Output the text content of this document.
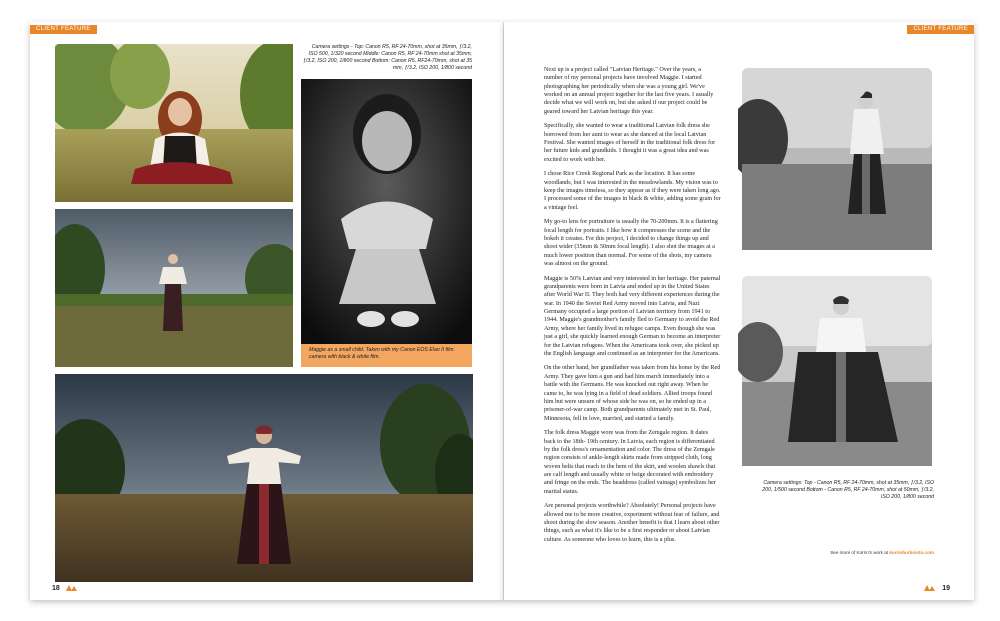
CLIENT FEATURE
Camera settings - Top: Canon R5, RF 24-70mm, shot at 35mm, ƒ/3.2, ISO 500, 1/320 second Middle: Canon R5, RF 24-70mm shot at 35mm, ƒ/3.2, ISO 200, 1/800 second Bottom: Canon R5, RF24-70mm, shot at 35 mm, ƒ/3.2, ISO 200, 1/800 second
Maggie as a small child. Taken with my Canon EOS Elan II film camera with black & white film.
18
CLIENT FEATURE

Next up is a project called "Latvian Heritage." Over the years, a number of my personal projects have involved Maggie. I started photographing her periodically when she was a young girl. We've worked on an annual project together for the last five years. I usually decide what we will work on, but she asked if our project could be geared toward her Latvian heritage this year.

Specifically, she wanted to wear a traditional Latvian folk dress she borrowed from her aunt to wear as she danced at the local Latvian Festival. She wanted images of herself in the traditional folk dress for her future kids and grandkids. I thought it was a great idea and was excited to work with her.

I chose Rice Creek Regional Park as the location. It has some woodlands, but I was interested in the meadowlands. My vision was to keep the images timeless, so they appear as if they were taken long ago. I processed some of the images in black & white, adding some grain for a vintage feel.

My go-to lens for portraiture is usually the 70-200mm. It is a flattering focal length for portraits. I like how it compresses the scene and the bokeh it creates. For this project, I decided to change things up and shoot wider (35mm & 50mm focal length). I also shot the images at a much lower position than normal. For some of the shots, my camera was almost on the ground.

Maggie is 50% Latvian and very interested in her heritage. Her paternal grandparents were born in Latvia and ended up in the United States after World War II. They both had very different experiences during the war. In 1940 the Soviet Red Army moved into Latvia, and Nazi Germany occupied a large portion of Latvian territory from 1941 to 1944. Maggie's grandmother's family fled to Germany to avoid the Red Army, where her family lived in refugee camps. Even though she was just a girl, she quickly learned enough German to become an interpreter for the Latvian refugees. When the Americans took over, she picked up the English language and continued as an interpreter for the Americans.

On the other hand, her grandfather was taken from his home by the Red Army. They gave him a gun and had him march immediately into a battle with the Germans. He was knocked out right away. When he came to, he was lying in a field of dead soldiers. Allied troops found him but were unsure of whose side he was on, so he ended up in a prisoner-of-war camp. Both grandparents ultimately met in St. Paul, Minnesota, fell in love, married, and started a family.

The folk dress Maggie wore was from the Zemgale region. It dates back to the 18th- 19th century. In Latvia, each region is differentiated by the folk dress's ornamentation and color. The dress of the Zemgale region consists of ankle-length skirts made from stripped cloth, long woven belts that reach to the hem of the skirt, and woolen shawls that are calf length and usually white or beige decorated with embroidery and fringe on the ends. The headdress (called vainags) symbolizes her marital status.

Are personal projects worthwhile? Absolutely! Personal projects have allowed me to be more creative, experiment without fear of failure, and shoot during the slow season. Another benefit is that I learn about other things, such as what it's like to be a first responder or about Latvian culture. As someone who loves to learn, this is a plus.

Camera settings: Top - Canon R5, RF 24-70mm, shot at 35mm, ƒ/3.2, ISO 200, 1/500 second Bottom - Canon R5, RF 24-70mm, shot at 50mm, ƒ/3.2, ISO 200, 1/800 second
See more of Korrin's work at korrinburkoisto.com
19
